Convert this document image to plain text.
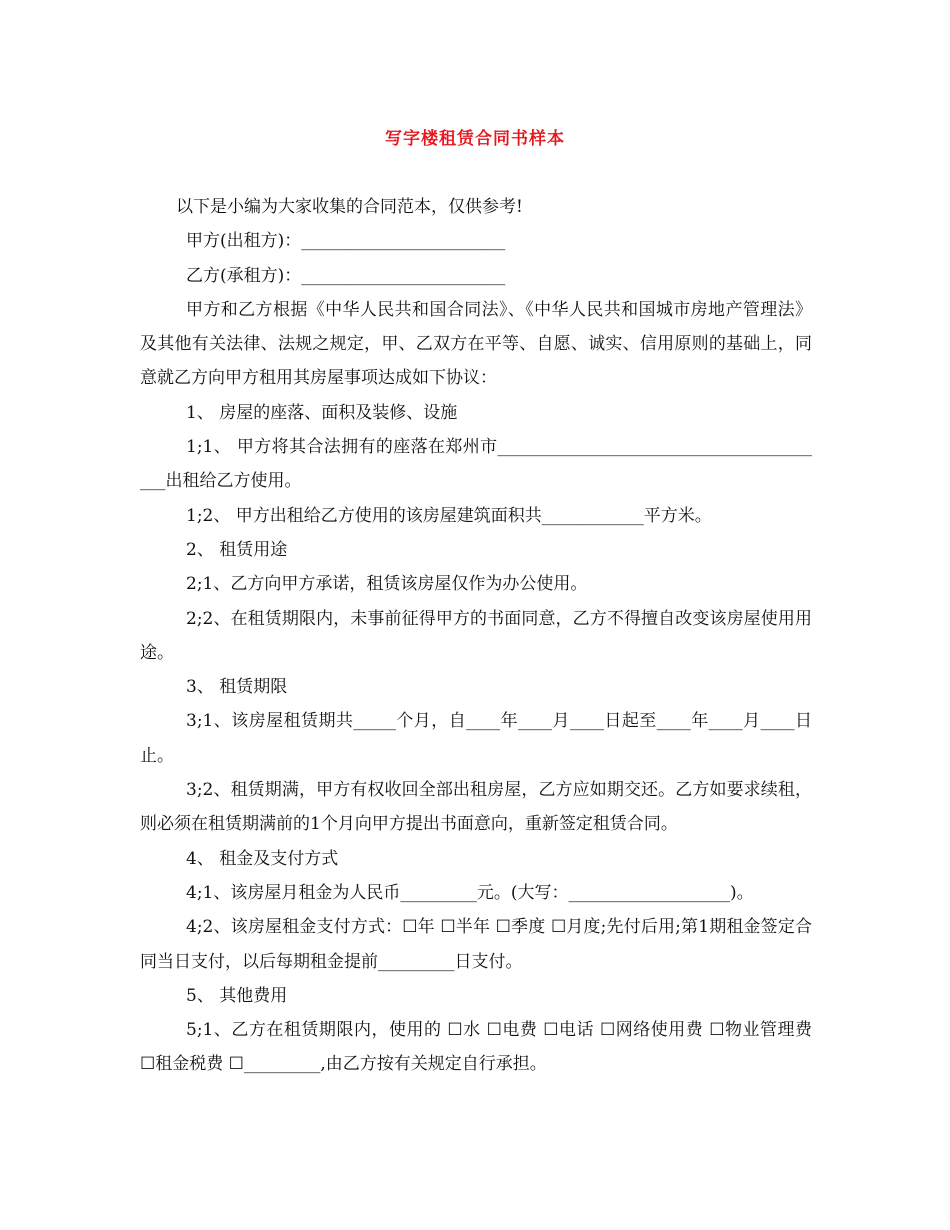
写字楼租赁合同书样本

以下是小编为大家收集的合同范本，仅供参考!

甲方(出租方)：________________________

乙方(承租方)：________________________

甲方和乙方根据《中华人民共和国合同法》、《中华人民共和国城市房地产管理法》及其他有关法律、法规之规定，甲、乙双方在平等、自愿、诚实、信用原则的基础上，同意就乙方向甲方租用其房屋事项达成如下协议：

1、 房屋的座落、面积及装修、设施

1;1、 甲方将其合法拥有的座落在郑州市________________________________________出租给乙方使用。

1;2、 甲方出租给乙方使用的该房屋建筑面积共____________平方米。

2、 租赁用途

2;1、乙方向甲方承诺，租赁该房屋仅作为办公使用。

2;2、在租赁期限内，未事前征得甲方的书面同意，乙方不得擅自改变该房屋使用用途。

3、 租赁期限

3;1、该房屋租赁期共_____个月，自____年____月____日起至____年____月____日止。

3;2、租赁期满，甲方有权收回全部出租房屋，乙方应如期交还。乙方如要求续租，则必须在租赁期满前的1个月向甲方提出书面意向，重新签定租赁合同。

4、 租金及支付方式

4;1、该房屋月租金为人民币_________元。(大写：___________________)。

4;2、该房屋租金支付方式：☐年 ☐半年 ☐季度 ☐月度;先付后用;第1期租金签定合同当日支付，以后每期租金提前_________日支付。

5、 其他费用

5;1、乙方在租赁期限内，使用的 ☐水 ☐电费 ☐电话 ☐网络使用费 ☐物业管理费 ☐租金税费 ☐_________,由乙方按有关规定自行承担。
